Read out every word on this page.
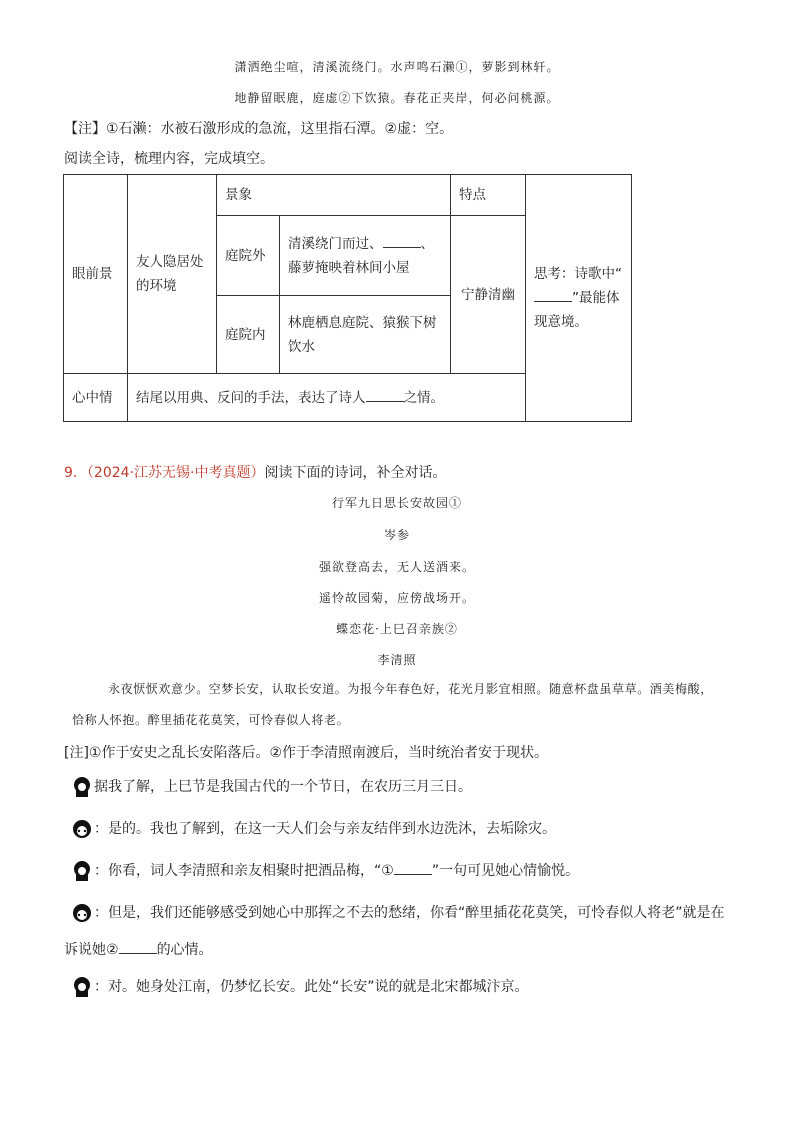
潇洒绝尘喧，清溪流绕门。水声鸣石濑①，萝影到林轩。
地静留眠鹿，庭虚②下饮猿。春花正夹岸，何必问桃源。
【注】①石濑：水被石激形成的急流，这里指石潭。②虚：空。
阅读全诗，梳理内容，完成填空。
眼前景	友人隐居处的环境	景象		特点	思考：诗歌中“”最能体现意境。
		庭院外	清溪绕门而过、 、藤萝掩映着林间小屋	宁静清幽	
		庭院内	林鹿栖息庭院、猿猴下树饮水		
心中情	结尾以用典、反问的手法，表达了诗人 之情。				
9．（2024·江苏无锡·中考真题）阅读下面的诗词，补全对话。
行军九日思长安故园①
岑参
强欲登高去，无人送酒来。
遥怜故园菊，应傍战场开。
蝶恋花·上巳召亲族②
李清照
永夜恹恹欢意少。空梦长安，认取长安道。为报今年春色好，花光月影宜相照。随意杯盘虽草草。酒美梅酸，恰称人怀抱。醉里插花花莫笑，可怜春似人将老。
[注]①作于安史之乱长安陷落后。②作于李清照南渡后，当时统治者安于现状。
据我了解，上巳节是我国古代的一个节日，在农历三月三日。
：是的。我也了解到，在这一天人们会与亲友结伴到水边洗沐，去垢除灾。
：你看，词人李清照和亲友相聚时把酒品梅，“①	”一句可见她心情愉悦。
：但是，我们还能够感受到她心中那挥之不去的愁绪，你看“醉里插花花莫笑，可怜春似人将老”就是在
诉说她②	的心情。
：对。她身处江南，仍梦忆长安。此处“长安”说的就是北宋都城汴京。
